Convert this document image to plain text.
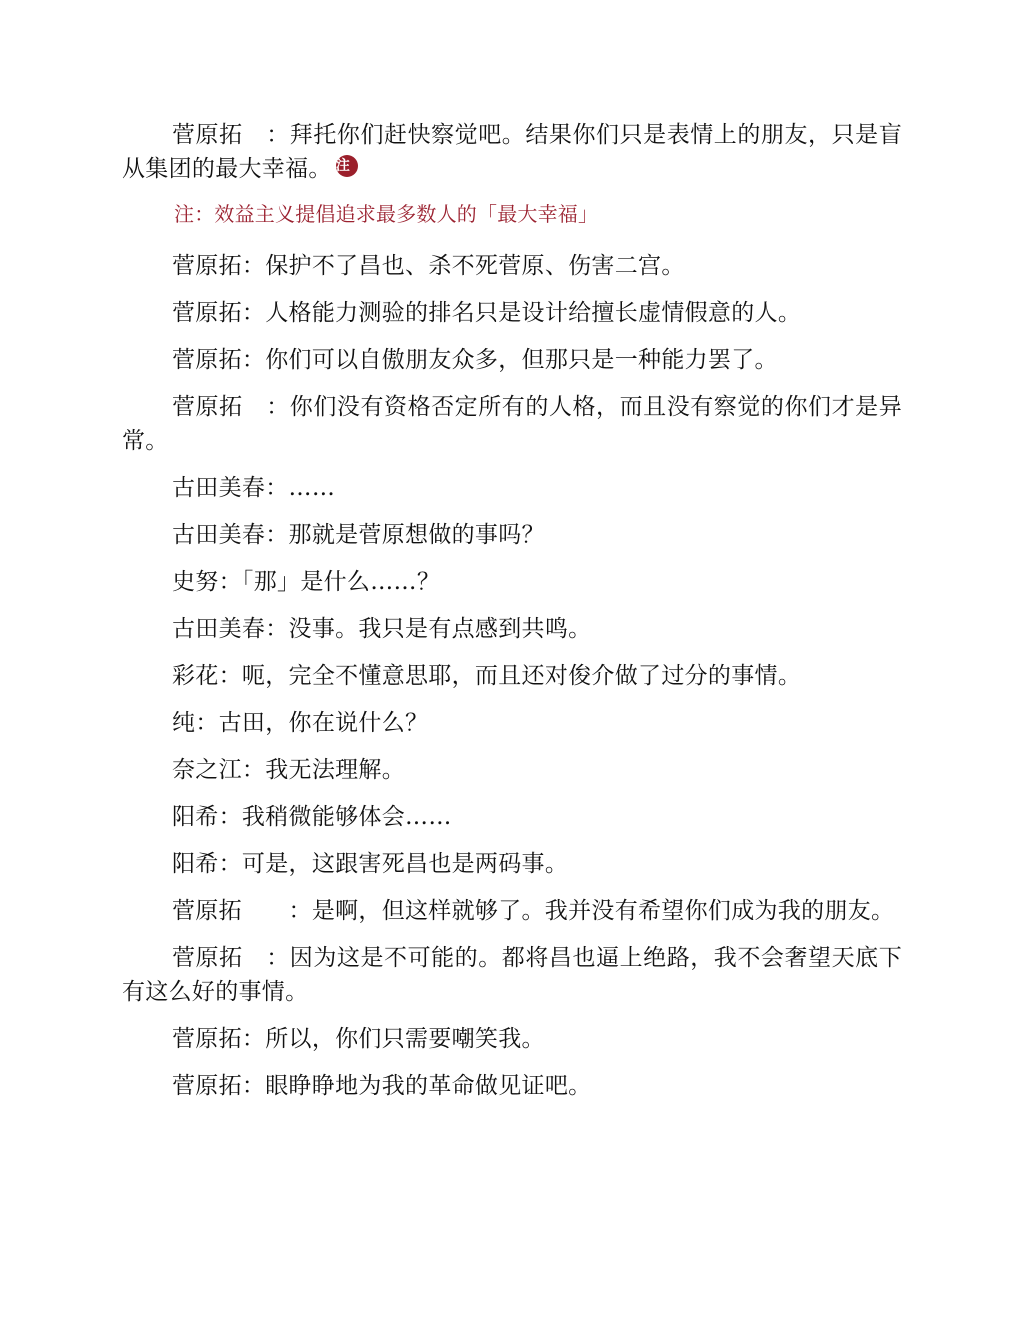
菅原拓　：拜托你们赶快察觉吧。结果你们只是表情上的朋友，只是盲从集团的最大幸福。 注

注：效益主义提倡追求最多数人的「最大幸福」

菅原拓：保护不了昌也、杀不死菅原、伤害二宫。

菅原拓：人格能力测验的排名只是设计给擅长虚情假意的人。

菅原拓：你们可以自傲朋友众多，但那只是一种能力罢了。

菅原拓　：你们没有资格否定所有的人格，而且没有察觉的你们才是异常。

古田美春：……

古田美春：那就是菅原想做的事吗？

史努：「那」是什么……？

古田美春：没事。我只是有点感到共鸣。

彩花：呃，完全不懂意思耶，而且还对俊介做了过分的事情。

纯：古田，你在说什么？

奈之江：我无法理解。

阳希：我稍微能够体会……

阳希：可是，这跟害死昌也是两码事。

菅原拓　　：是啊，但这样就够了。我并没有希望你们成为我的朋友。

菅原拓　：因为这是不可能的。都将昌也逼上绝路，我不会奢望天底下有这么好的事情。

菅原拓：所以，你们只需要嘲笑我。

菅原拓：眼睁睁地为我的革命做见证吧。
